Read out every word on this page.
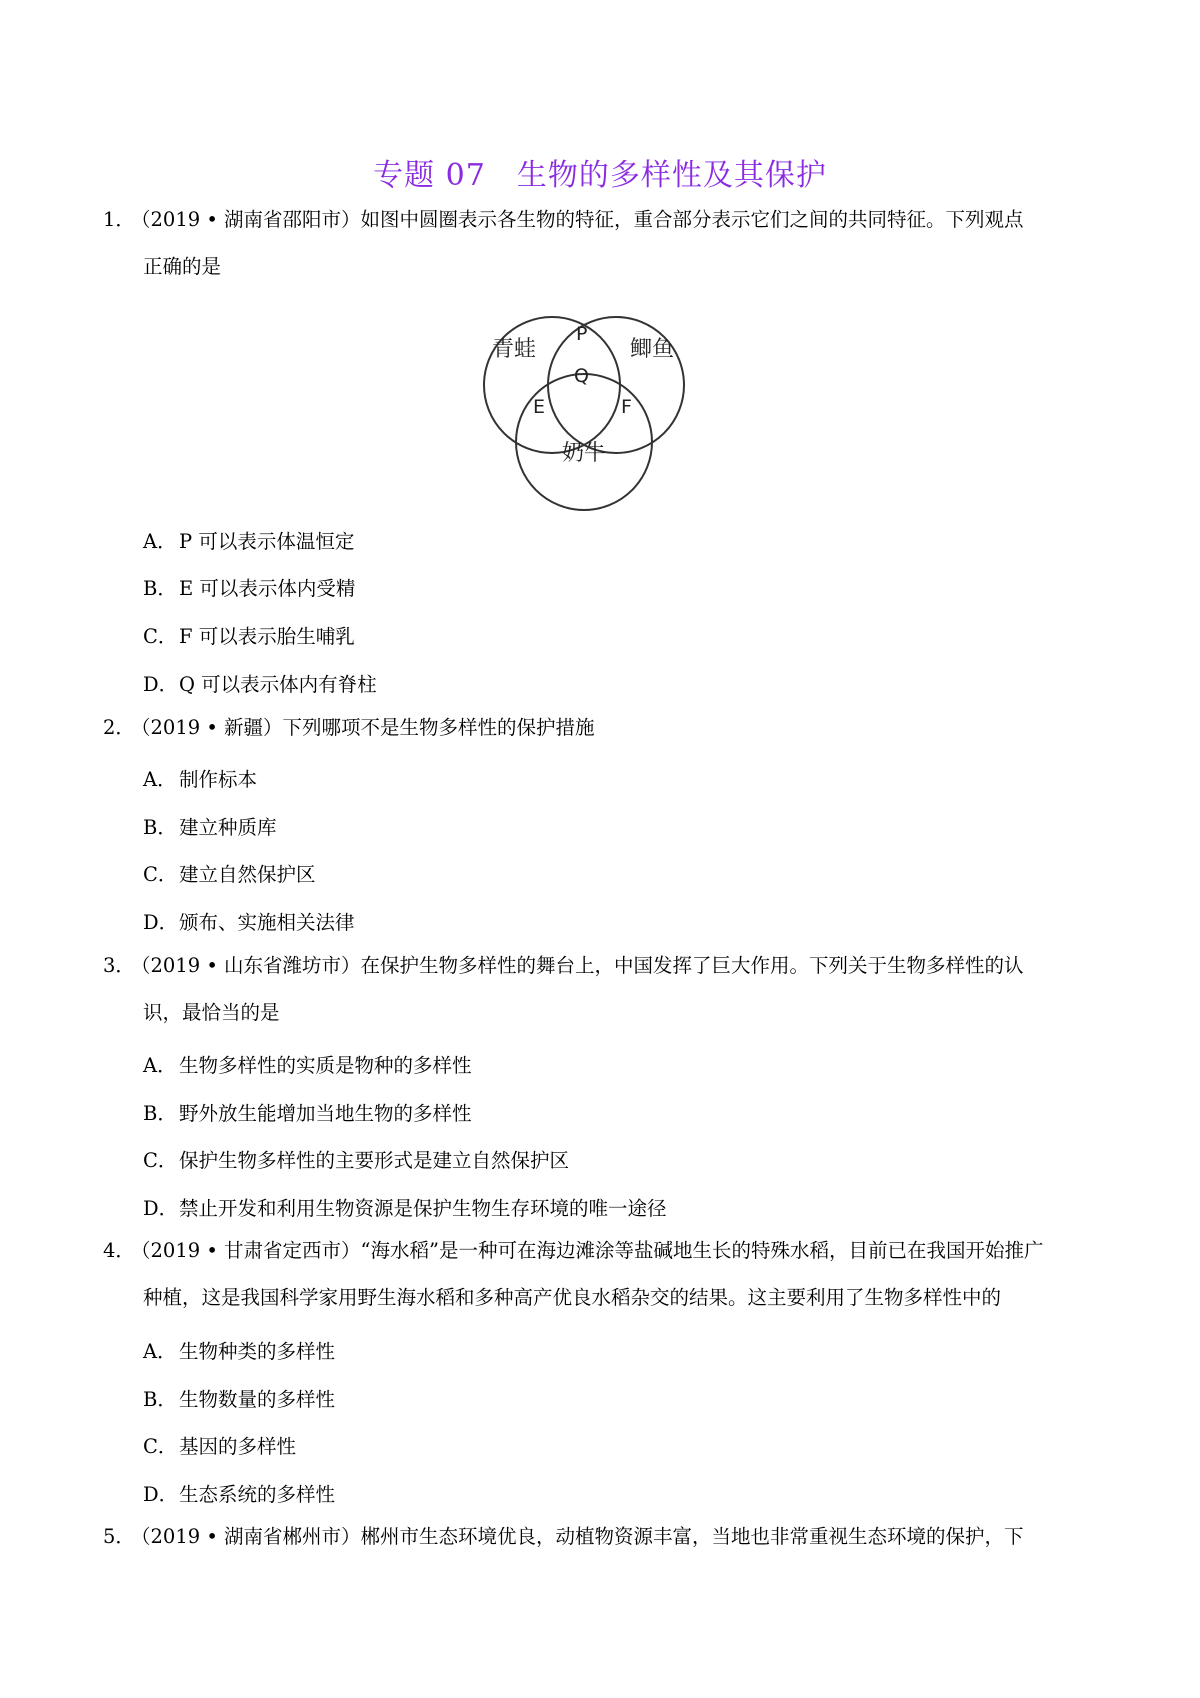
专题 07　生物的多样性及其保护
1．（2019 • 湖南省邵阳市）如图中圆圈表示各生物的特征，重合部分表示它们之间的共同特征。下列观点
正确的是
青蛙	鲫鱼
奶牛
P
Q
E	F
A． P 可以表示体温恒定
B． E 可以表示体内受精
C．F 可以表示胎生哺乳
D．Q 可以表示体内有脊柱
2．（2019 • 新疆）下列哪项不是生物多样性的保护措施
A． 制作标本
B． 建立种质库
C．建立自然保护区
D．颁布、实施相关法律
3．（2019 • 山东省潍坊市）在保护生物多样性的舞台上，中国发挥了巨大作用。下列关于生物多样性的认
识，最恰当的是
A． 生物多样性的实质是物种的多样性
B． 野外放生能增加当地生物的多样性
C．保护生物多样性的主要形式是建立自然保护区
D．禁止开发和利用生物资源是保护生物生存环境的唯一途径
4．（2019 • 甘肃省定西市）“海水稻”是一种可在海边滩涂等盐碱地生长的特殊水稻，目前已在我国开始推广
种植，这是我国科学家用野生海水稻和多种高产优良水稻杂交的结果。这主要利用了生物多样性中的
A． 生物种类的多样性
B． 生物数量的多样性
C．基因的多样性
D．生态系统的多样性
5．（2019 • 湖南省郴州市）郴州市生态环境优良，动植物资源丰富，当地也非常重视生态环境的保护，下
